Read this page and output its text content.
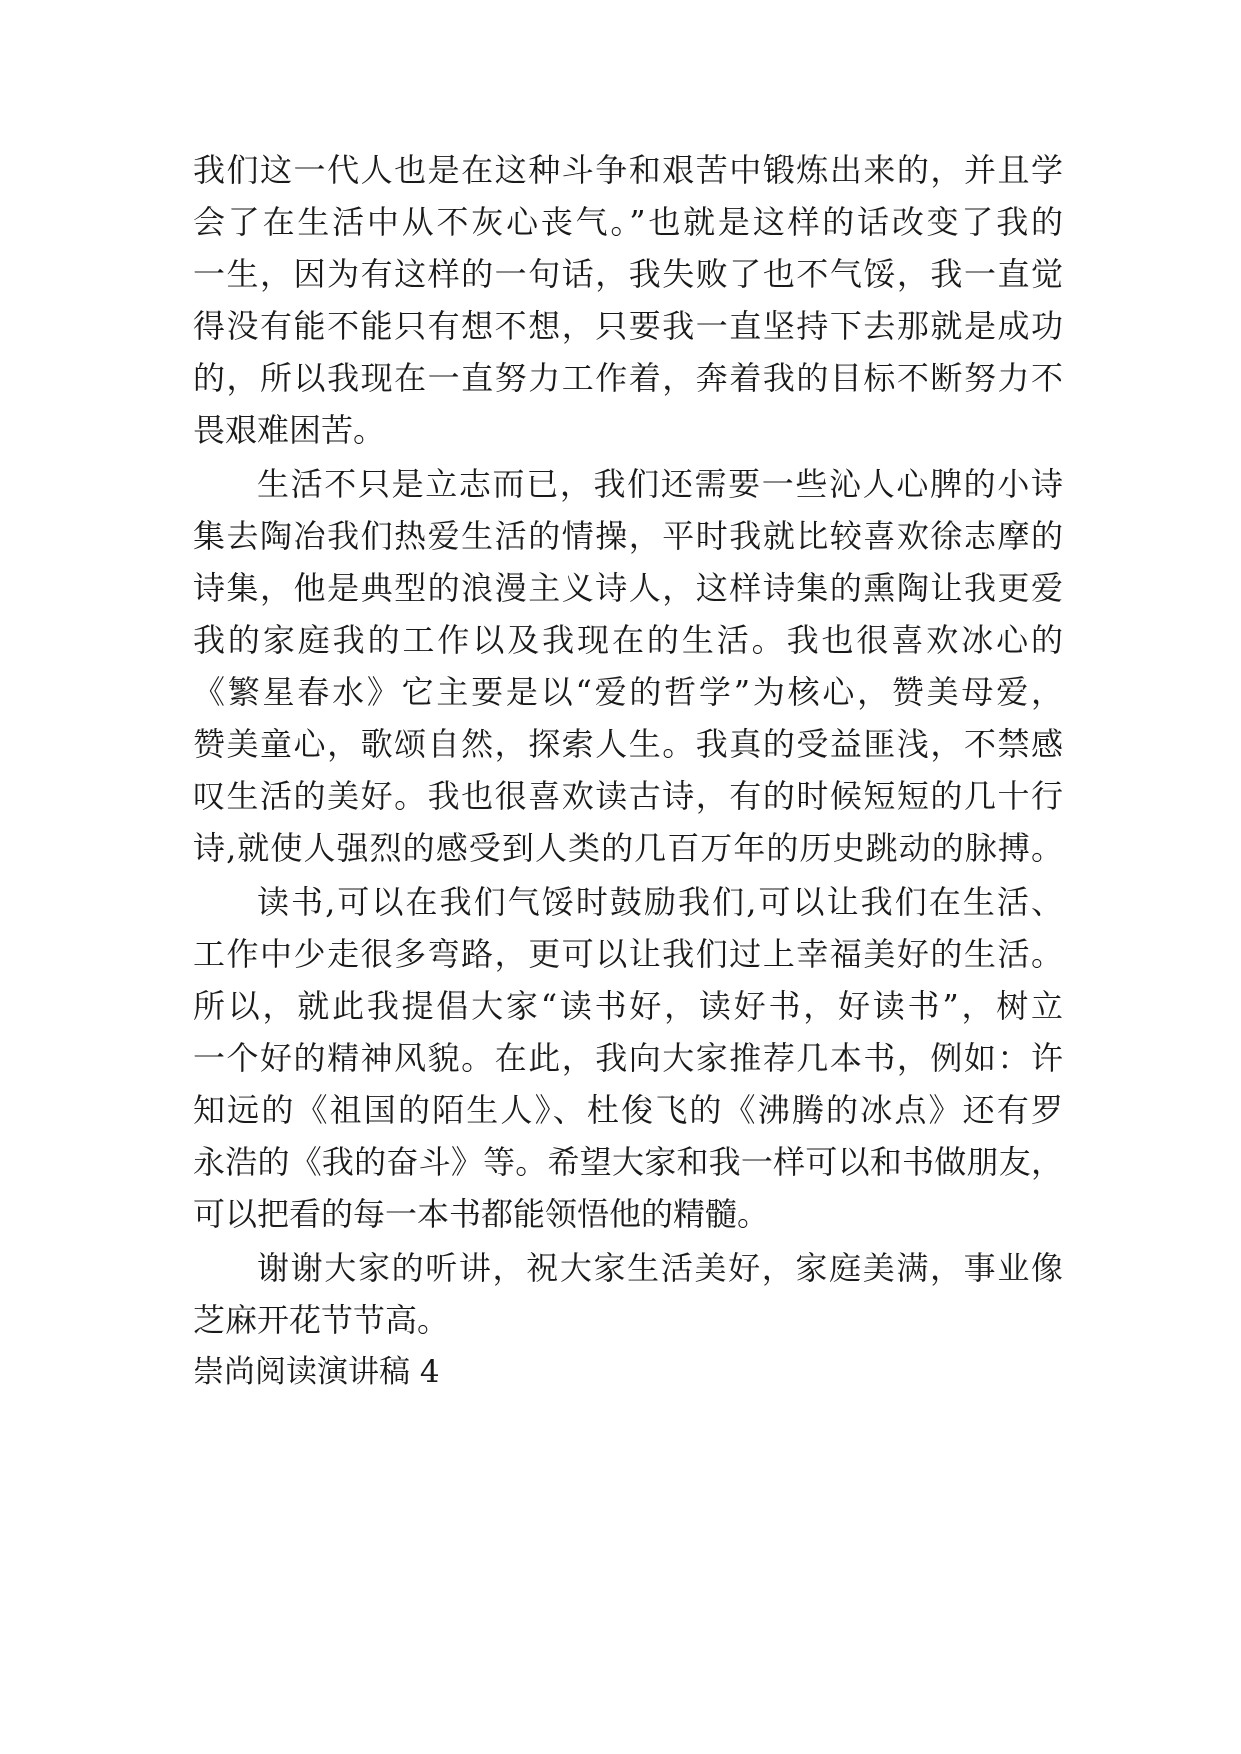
我们这一代人也是在这种斗争和艰苦中锻炼出来的，并且学
会了在生活中从不灰心丧气。”也就是这样的话改变了我的
一生，因为有这样的一句话，我失败了也不气馁，我一直觉
得没有能不能只有想不想，只要我一直坚持下去那就是成功
的，所以我现在一直努力工作着，奔着我的目标不断努力不
畏艰难困苦。
生活不只是立志而已，我们还需要一些沁人心脾的小诗
集去陶冶我们热爱生活的情操，平时我就比较喜欢徐志摩的
诗集，他是典型的浪漫主义诗人，这样诗集的熏陶让我更爱
我的家庭我的工作以及我现在的生活。我也很喜欢冰心的
《繁星春水》它主要是以“爱的哲学”为核心，赞美母爱，
赞美童心，歌颂自然，探索人生。我真的受益匪浅，不禁感
叹生活的美好。我也很喜欢读古诗，有的时候短短的几十行
诗,就使人强烈的感受到人类的几百万年的历史跳动的脉搏。
读书,可以在我们气馁时鼓励我们,可以让我们在生活、
工作中少走很多弯路，更可以让我们过上幸福美好的生活。
所以，就此我提倡大家“读书好，读好书，好读书”，树立
一个好的精神风貌。在此，我向大家推荐几本书，例如：许
知远的《祖国的陌生人》、杜俊飞的《沸腾的冰点》还有罗
永浩的《我的奋斗》等。希望大家和我一样可以和书做朋友，
可以把看的每一本书都能领悟他的精髓。
谢谢大家的听讲，祝大家生活美好，家庭美满，事业像
芝麻开花节节高。
崇尚阅读演讲稿 4
